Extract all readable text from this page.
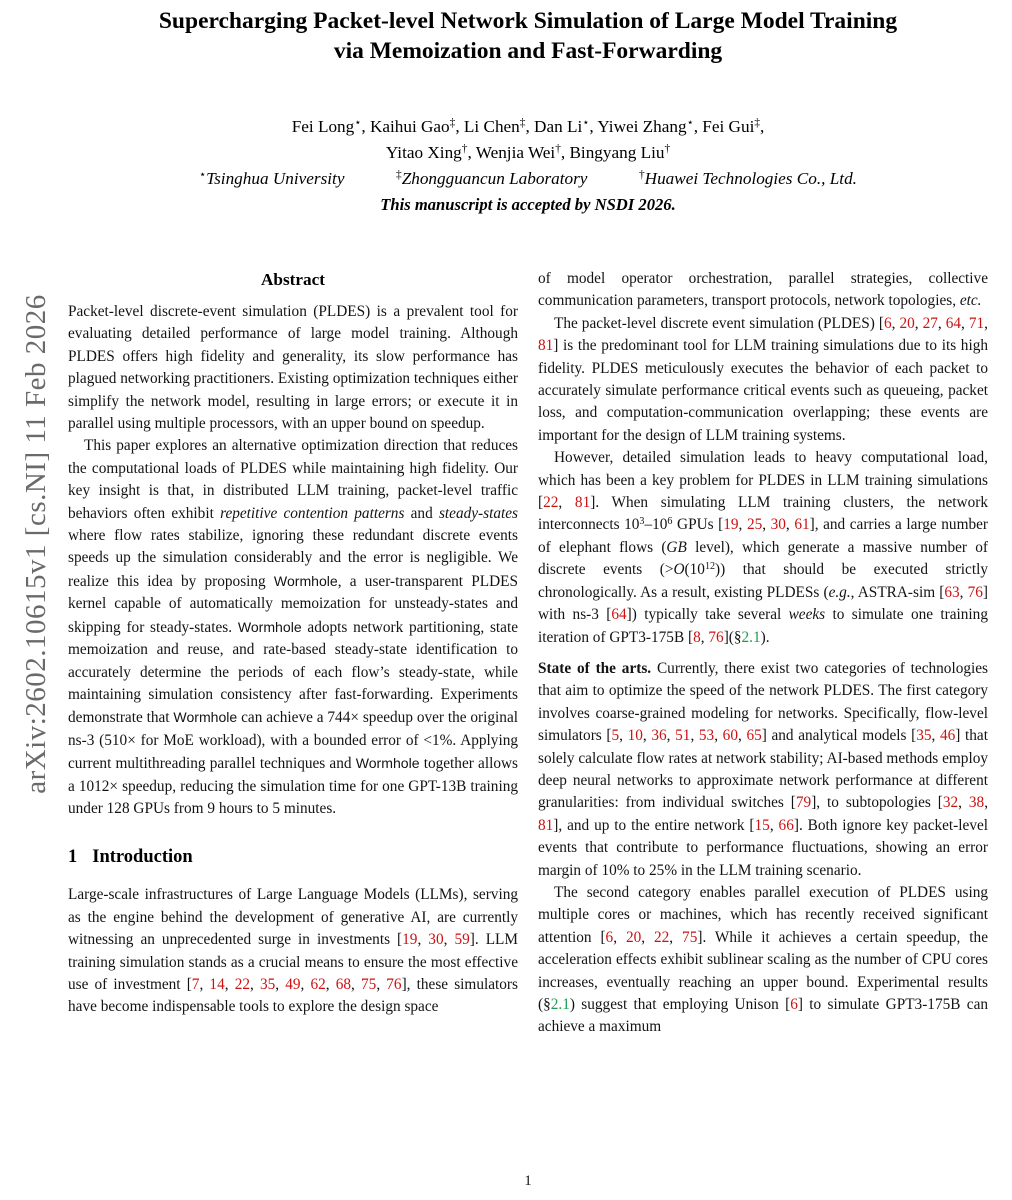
arXiv:2602.10615v1 [cs.NI] 11 Feb 2026
Supercharging Packet-level Network Simulation of Large Model Training
via Memoization and Fast-Forwarding

Fei Long⋆, Kaihui Gao‡, Li Chen‡, Dan Li⋆, Yiwei Zhang⋆, Fei Gui‡,

Yitao Xing†, Wenjia Wei†, Bingyang Liu†

⋆Tsinghua University   	‡Zhongguancun Laboratory   	†Huawei Technologies Co., Ltd.

This manuscript is accepted by NSDI 2026.

Abstract

Packet-level discrete-event simulation (PLDES) is a prevalent tool for evaluating detailed performance of large model training. Although PLDES offers high fidelity and generality, its slow performance has plagued networking practitioners. Existing optimization techniques either simplify the network model, resulting in large errors; or execute it in parallel using multiple processors, with an upper bound on speedup.

This paper explores an alternative optimization direction that reduces the computational loads of PLDES while maintaining high fidelity. Our key insight is that, in distributed LLM training, packet-level traffic behaviors often exhibit repetitive contention patterns and steady-states where flow rates stabilize, ignoring these redundant discrete events speeds up the simulation considerably and the error is negligible. We realize this idea by proposing Wormhole, a user-transparent PLDES kernel capable of automatically memoization for unsteady-states and skipping for steady-states. Wormhole adopts network partitioning, state memoization and reuse, and rate-based steady-state identification to accurately determine the periods of each flow’s steady-state, while maintaining simulation consistency after fast-forwarding. Experiments demonstrate that Wormhole can achieve a 744× speedup over the original ns-3 (510× for MoE workload), with a bounded error of <1%. Applying current multithreading parallel techniques and Wormhole together allows a 1012× speedup, reducing the simulation time for one GPT-13B training under 128 GPUs from 9 hours to 5 minutes.

1 Introduction

Large-scale infrastructures of Large Language Models (LLMs), serving as the engine behind the development of generative AI, are currently witnessing an unprecedented surge in investments [19, 30, 59]. LLM training simulation stands as a crucial means to ensure the most effective use of investment [7, 14, 22, 35, 49, 62, 68, 75, 76], these simulators have become indispensable tools to explore the design space

of model operator orchestration, parallel strategies, collective communication parameters, transport protocols, network topologies, etc.

The packet-level discrete event simulation (PLDES) [6, 20, 27, 64, 71, 81] is the predominant tool for LLM training simulations due to its high fidelity. PLDES meticulously executes the behavior of each packet to accurately simulate performance critical events such as queueing, packet loss, and computation-communication overlapping; these events are important for the design of LLM training systems.

However, detailed simulation leads to heavy computational load, which has been a key problem for PLDES in LLM training simulations [22, 81]. When simulating LLM training clusters, the network interconnects $10^3-10^6$ GPUs [19, 25, 30, 61], and carries a large number of elephant flows (GB level), which generate a massive number of discrete events $(>O(10^{12}))$ that should be executed strictly chronologically. As a result, existing PLDESs (e.g., ASTRA-sim [63, 76] with ns-3 [64]) typically take several weeks to simulate one training iteration of GPT3-175B [8, 76](§2.1).

State of the arts. Currently, there exist two categories of technologies that aim to optimize the speed of the network PLDES. The first category involves coarse-grained modeling for networks. Specifically, flow-level simulators [5, 10, 36, 51, 53, 60, 65] and analytical models [35, 46] that solely calculate flow rates at network stability; AI-based methods employ deep neural networks to approximate network performance at different granularities: from individual switches [79], to subtopologies [32, 38, 81], and up to the entire network [15, 66]. Both ignore key packet-level events that contribute to performance fluctuations, showing an error margin of 10% to 25% in the LLM training scenario.

The second category enables parallel execution of PLDES using multiple cores or machines, which has recently received significant attention [6, 20, 22, 75]. While it achieves a certain speedup, the acceleration effects exhibit sublinear scaling as the number of CPU cores increases, eventually reaching an upper bound. Experimental results (§2.1) suggest that employing Unison [6] to simulate GPT3-175B can achieve a maximum

1
